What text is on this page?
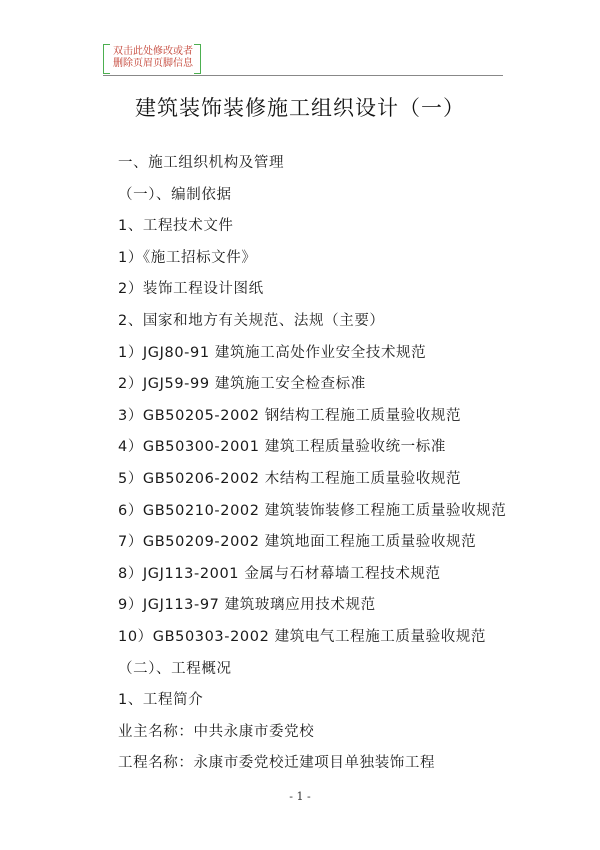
双击此处修改或者
删除页眉页脚信息
建筑装饰装修施工组织设计（一）
一、施工组织机构及管理
（一）、编制依据
1、工程技术文件
1）《施工招标文件》
2）装饰工程设计图纸
2、国家和地方有关规范、法规（主要）
1）JGJ80-91 建筑施工高处作业安全技术规范
2）JGJ59-99 建筑施工安全检查标准
3）GB50205-2002 钢结构工程施工质量验收规范
4）GB50300-2001 建筑工程质量验收统一标准
5）GB50206-2002 木结构工程施工质量验收规范
6）GB50210-2002 建筑装饰装修工程施工质量验收规范
7）GB50209-2002 建筑地面工程施工质量验收规范
8）JGJ113-2001 金属与石材幕墙工程技术规范
9）JGJ113-97 建筑玻璃应用技术规范
10）GB50303-2002 建筑电气工程施工质量验收规范
（二）、工程概况
1、工程简介
业主名称：中共永康市委党校
工程名称：永康市委党校迁建项目单独装饰工程
- 1 -
